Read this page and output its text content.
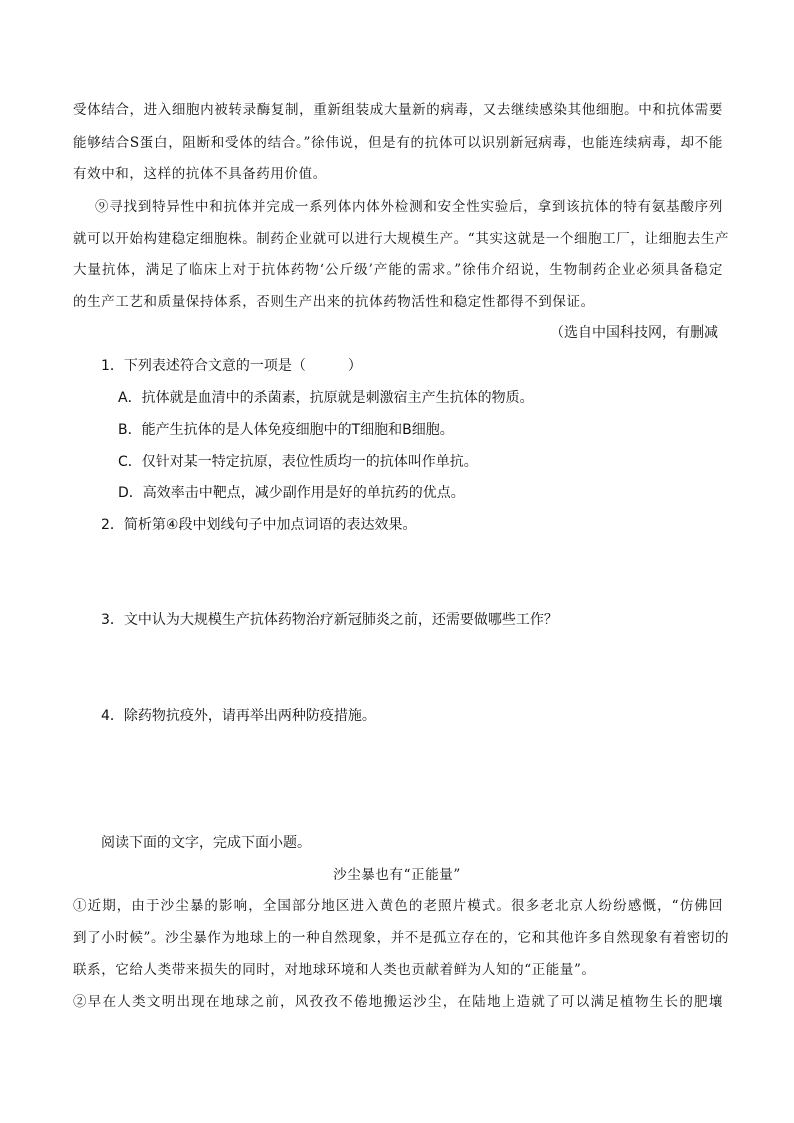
受体结合，进入细胞内被转录酶复制，重新组装成大量新的病毒，又去继续感染其他细胞。中和抗体需要
能够结合S蛋白，阻断和受体的结合。”徐伟说，但是有的抗体可以识别新冠病毒，也能连续病毒，却不能
有效中和，这样的抗体不具备药用价值。
⑨寻找到特异性中和抗体并完成一系列体内体外检测和安全性实验后，拿到该抗体的特有氨基酸序列
就可以开始构建稳定细胞株。制药企业就可以进行大规模生产。“其实这就是一个细胞工厂，让细胞去生产
大量抗体，满足了临床上对于抗体药物‘公斤级’产能的需求。”徐伟介绍说，生物制药企业必须具备稳定
的生产工艺和质量保持体系，否则生产出来的抗体药物活性和稳定性都得不到保证。
（选自中国科技网，有删减
1．下列表述符合文意的一项是（　　　）
A．抗体就是血清中的杀菌素，抗原就是刺激宿主产生抗体的物质。
B．能产生抗体的是人体免疫细胞中的T细胞和B细胞。
C．仅针对某一特定抗原，表位性质均一的抗体叫作单抗。
D．高效率击中靶点，减少副作用是好的单抗药的优点。
2．简析第④段中划线句子中加点词语的表达效果。
3．文中认为大规模生产抗体药物治疗新冠肺炎之前，还需要做哪些工作？
4．除药物抗疫外，请再举出两种防疫措施。
阅读下面的文字，完成下面小题。
沙尘暴也有“正能量”
①近期，由于沙尘暴的影响，全国部分地区进入黄色的老照片模式。很多老北京人纷纷感慨，“仿佛回
到了小时候”。沙尘暴作为地球上的一种自然现象，并不是孤立存在的，它和其他许多自然现象有着密切的
联系，它给人类带来损失的同时，对地球环境和人类也贡献着鲜为人知的“正能量”。
②早在人类文明出现在地球之前，风孜孜不倦地搬运沙尘，在陆地上造就了可以满足植物生长的肥壤
